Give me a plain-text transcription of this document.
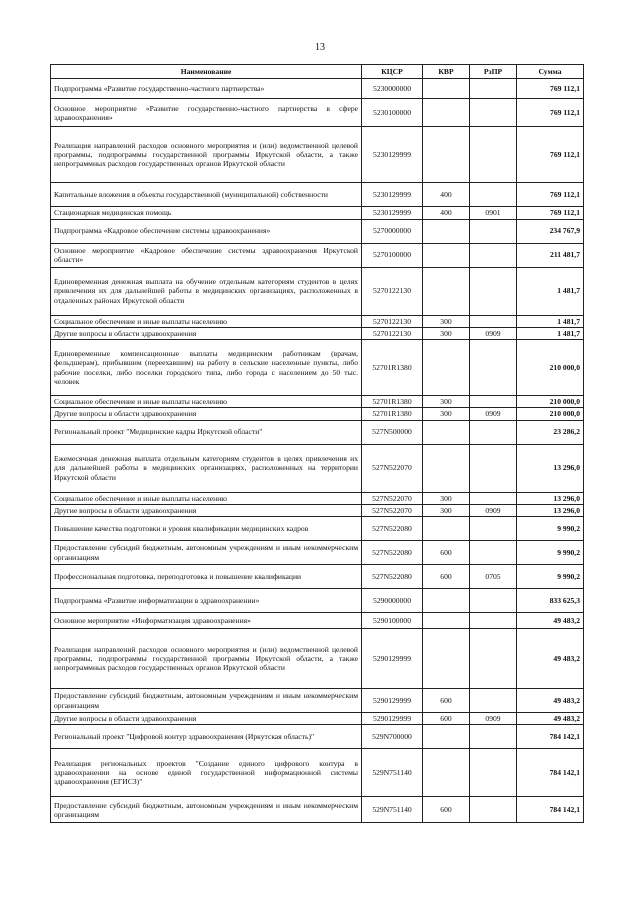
13
Наименование	КЦСР	КВР	РзПР	Сумма
Подпрограмма «Развитие государственно-частного партнерства»	5230000000			769 112,1
Основное мероприятие «Развитие государственно-частного партнерства в сфере здравоохранения»	5230100000			769 112,1
Реализация направлений расходов основного мероприятия и (или) ведомственной целевой программы, подпрограммы государственной программы Иркутской области, а также непрограммных расходов государственных органов Иркутской области	5230129999			769 112,1
Капитальные вложения в объекты государственной (муниципальной) собственности	5230129999	400		769 112,1
Стационарная медицинская помощь	5230129999	400	0901	769 112,1
Подпрограмма «Кадровое обеспечение системы здравоохранения»	5270000000			234 767,9
Основное мероприятие «Кадровое обеспечение системы здравоохранения Иркутской области»	5270100000			211 481,7
Единовременная денежная выплата на обучение отдельным категориям студентов в целях привлечения их для дальнейшей работы в медицинских организациях, расположенных в отдаленных районах Иркутской области	5270122130			1 481,7
Социальное обеспечение и иные выплаты населению	5270122130	300		1 481,7
Другие вопросы в области здравоохранения	5270122130	300	0909	1 481,7
Единовременные компенсационные выплаты медицинским работникам (врачам, фельдшерам), прибывшим (переехавшим) на работу в сельские населенные пункты, либо рабочие поселки, либо поселки городского типа, либо города с населением до 50 тыс. человек	52701R1380			210 000,0
Социальное обеспечение и иные выплаты населению	52701R1380	300		210 000,0
Другие вопросы в области здравоохранения	52701R1380	300	0909	210 000,0
Региональный проект "Медицинские кадры Иркутской области"	527N500000			23 286,2
Ежемесячная денежная выплата отдельным категориям студентов в целях привлечения их для дальнейшей работы в медицинских организациях, расположенных на территории Иркутской области	527N522070			13 296,0
Социальное обеспечение и иные выплаты населению	527N522070	300		13 296,0
Другие вопросы в области здравоохранения	527N522070	300	0909	13 296,0
Повышение качества подготовки и уровня квалификации медицинских кадров	527N522080			9 990,2
Предоставление субсидий бюджетным, автономным учреждениям и иным некоммерческим организациям	527N522080	600		9 990,2
Профессиональная подготовка, переподготовка и повышение квалификации	527N522080	600	0705	9 990,2
Подпрограмма «Развитие информатизации в здравоохранении»	5290000000			833 625,3
Основное мероприятие «Информатизация здравоохранения»	5290100000			49 483,2
Реализация направлений расходов основного мероприятия и (или) ведомственной целевой программы, подпрограммы государственной программы Иркутской области, а также непрограммных расходов государственных органов Иркутской области	5290129999			49 483,2
Предоставление субсидий бюджетным, автономным учреждениям и иным некоммерческим организациям	5290129999	600		49 483,2
Другие вопросы в области здравоохранения	5290129999	600	0909	49 483,2
Региональный проект "Цифровой контур здравоохранения (Иркутская область)"	529N700000			784 142,1
Реализация региональных проектов "Создание единого цифрового контура в здравоохранении на основе единой государственной информационной системы здравоохранения (ЕГИСЗ)"	529N751140			784 142,1
Предоставление субсидий бюджетным, автономным учреждениям и иным некоммерческим организациям	529N751140	600		784 142,1
